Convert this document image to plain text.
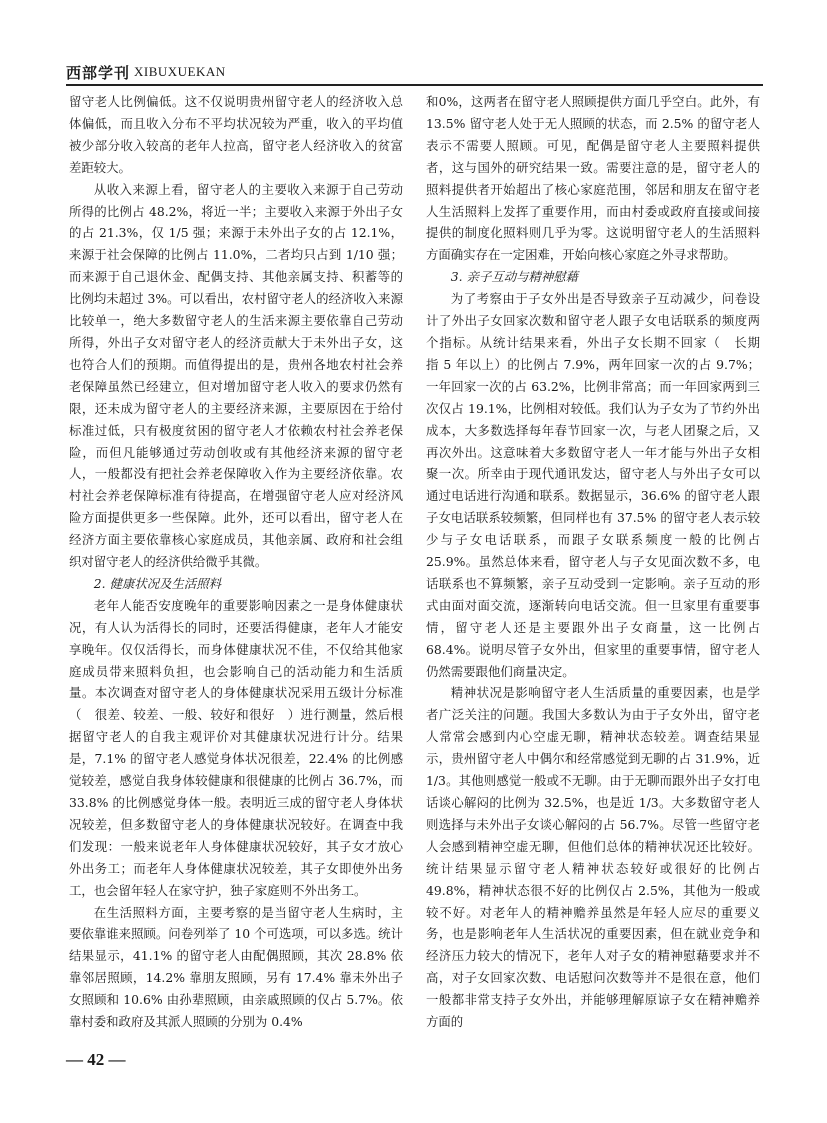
西部学刊 XIBUXUEKAN

留守老人比例偏低。这不仅说明贵州留守老人的经济收入总体偏低，而且收入分布不平均状况较为严重，收入的平均值被少部分收入较高的老年人拉高，留守老人经济收入的贫富差距较大。

从收入来源上看，留守老人的主要收入来源于自己劳动所得的比例占 48.2%，将近一半；主要收入来源于外出子女的占 21.3%，仅 1/5 强；来源于未外出子女的占 12.1%，来源于社会保障的比例占 11.0%，二者均只占到 1/10 强；而来源于自己退休金、配偶支持、其他亲属支持、积蓄等的比例均未超过 3%。可以看出，农村留守老人的经济收入来源比较单一，绝大多数留守老人的生活来源主要依靠自己劳动所得，外出子女对留守老人的经济贡献大于未外出子女，这也符合人们的预期。而值得提出的是，贵州各地农村社会养老保障虽然已经建立，但对增加留守老人收入的要求仍然有限，还未成为留守老人的主要经济来源，主要原因在于给付标准过低，只有极度贫困的留守老人才依赖农村社会养老保险，而但凡能够通过劳动创收或有其他经济来源的留守老人，一般都没有把社会养老保障收入作为主要经济依靠。农村社会养老保障标准有待提高，在增强留守老人应对经济风险方面提供更多一些保障。此外，还可以看出，留守老人在经济方面主要依靠核心家庭成员，其他亲属、政府和社会组织对留守老人的经济供给微乎其微。

2. 健康状况及生活照料

老年人能否安度晚年的重要影响因素之一是身体健康状况，有人认为活得长的同时，还要活得健康，老年人才能安享晚年。仅仅活得长，而身体健康状况不佳，不仅给其他家庭成员带来照料负担，也会影响自己的活动能力和生活质量。本次调查对留守老人的身体健康状况采用五级计分标准（　很差、较差、一般、较好和很好　）进行测量，然后根据留守老人的自我主观评价对其健康状况进行计分。结果是，7.1% 的留守老人感觉身体状况很差，22.4% 的比例感觉较差，感觉自我身体较健康和很健康的比例占 36.7%，而 33.8% 的比例感觉身体一般。表明近三成的留守老人身体状况较差，但多数留守老人的身体健康状况较好。在调查中我们发现：一般来说老年人身体健康状况较好，其子女才放心外出务工；而老年人身体健康状况较差，其子女即使外出务工，也会留年轻人在家守护，独子家庭则不外出务工。

在生活照料方面，主要考察的是当留守老人生病时，主要依靠谁来照顾。问卷列举了 10 个可选项，可以多选。统计结果显示，41.1% 的留守老人由配偶照顾，其次 28.8% 依靠邻居照顾，14.2% 靠朋友照顾，另有 17.4% 靠未外出子女照顾和 10.6% 由孙辈照顾，由亲戚照顾的仅占 5.7%。依靠村委和政府及其派人照顾的分别为 0.4%

和0%，这两者在留守老人照顾提供方面几乎空白。此外，有 13.5% 留守老人处于无人照顾的状态，而 2.5% 的留守老人表示不需要人照顾。可见，配偶是留守老人主要照料提供者，这与国外的研究结果一致。需要注意的是，留守老人的照料提供者开始超出了核心家庭范围，邻居和朋友在留守老人生活照料上发挥了重要作用，而由村委或政府直接或间接提供的制度化照料则几乎为零。这说明留守老人的生活照料方面确实存在一定困难，开始向核心家庭之外寻求帮助。

3. 亲子互动与精神慰藉

为了考察由于子女外出是否导致亲子互动减少，问卷设计了外出子女回家次数和留守老人跟子女电话联系的频度两个指标。从统计结果来看，外出子女长期不回家（　长期　指 5 年以上）的比例占 7.9%，两年回家一次的占 9.7%；一年回家一次的占 63.2%，比例非常高；而一年回家两到三次仅占 19.1%，比例相对较低。我们认为子女为了节约外出成本，大多数选择每年春节回家一次，与老人团聚之后，又再次外出。这意味着大多数留守老人一年才能与外出子女相聚一次。所幸由于现代通讯发达，留守老人与外出子女可以通过电话进行沟通和联系。数据显示，36.6% 的留守老人跟子女电话联系较频繁，但同样也有 37.5% 的留守老人表示较少与子女电话联系，而跟子女联系频度一般的比例占 25.9%。虽然总体来看，留守老人与子女见面次数不多，电话联系也不算频繁，亲子互动受到一定影响。亲子互动的形式由面对面交流，逐渐转向电话交流。但一旦家里有重要事情，留守老人还是主要跟外出子女商量，这一比例占 68.4%。说明尽管子女外出，但家里的重要事情，留守老人仍然需要跟他们商量决定。

精神状况是影响留守老人生活质量的重要因素，也是学者广泛关注的问题。我国大多数认为由于子女外出，留守老人常常会感到内心空虚无聊，精神状态较差。调查结果显示，贵州留守老人中偶尔和经常感觉到无聊的占 31.9%，近 1/3。其他则感觉一般或不无聊。由于无聊而跟外出子女打电话谈心解闷的比例为 32.5%，也是近 1/3。大多数留守老人则选择与未外出子女谈心解闷的占 56.7%。尽管一些留守老人会感到精神空虚无聊，但他们总体的精神状况还比较好。统计结果显示留守老人精神状态较好或很好的比例占 49.8%，精神状态很不好的比例仅占 2.5%，其他为一般或较不好。对老年人的精神赡养虽然是年轻人应尽的重要义务，也是影响老年人生活状况的重要因素，但在就业竞争和经济压力较大的情况下，老年人对子女的精神慰藉要求并不高，对子女回家次数、电话慰问次数等并不是很在意，他们一般都非常支持子女外出，并能够理解原谅子女在精神赡养方面的

— 42 —
